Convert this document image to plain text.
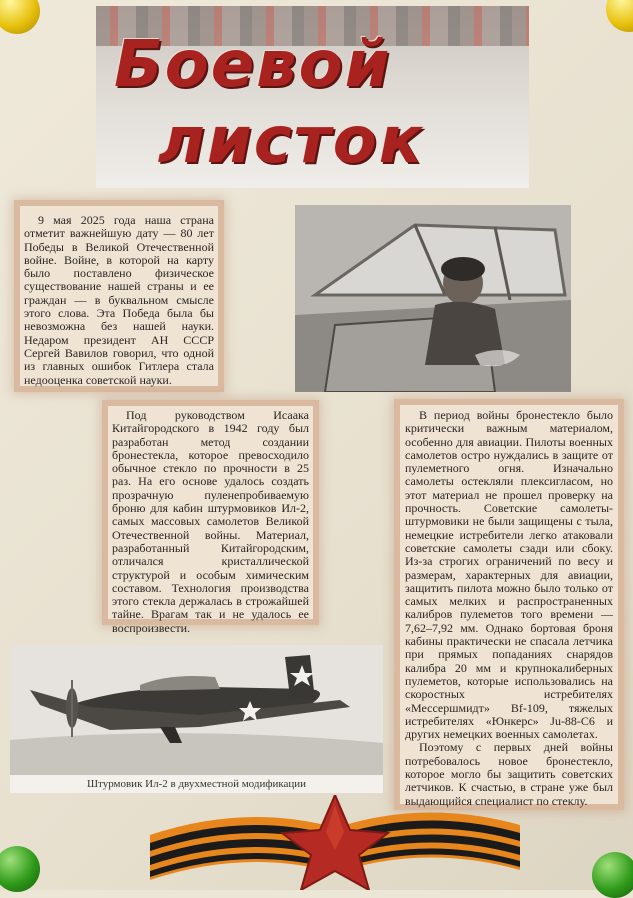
Боевой
листок

9 мая 2025 года наша страна отметит важнейшую дату — 80 лет Победы в Великой Отечественной войне. Войне, в которой на карту было поставлено физическое существование нашей страны и ее граждан — в буквальном смысле этого слова. Эта Победа была бы невозможна без нашей науки. Недаром президент АН СССР Сергей Вавилов говорил, что одной из главных ошибок Гитлера стала недооценка советской науки.

Под руководством Исаака Китайгородского в 1942 году был разработан метод создании бронестекла, которое превосходило обычное стекло по прочности в 25 раз. На его основе удалось создать прозрачную пуленепробиваемую броню для кабин штурмовиков Ил-2, самых массовых самолетов Великой Отечественной войны. Материал, разработанный Китайгородским, отличался кристаллической структурой и особым химическим составом. Технология производства этого стекла держалась в строжайшей тайне. Врагам так и не удалось ее воспроизвести.

В период войны бронестекло было критически важным материалом, особенно для авиации. Пилоты военных самолетов остро нуждались в защите от пулеметного огня. Изначально самолеты остекляли плексигласом, но этот материал не прошел проверку на прочность. Советские самолеты-штурмовики не были защищены с тыла, немецкие истребители легко атаковали советские самолеты сзади или сбоку. Из-за строгих ограничений по весу и размерам, характерных для авиации, защитить пилота можно было только от самых мелких и распространенных калибров пулеметов того времени — 7,62–7,92 мм. Однако бортовая броня кабины практически не спасала летчика при прямых попаданиях снарядов калибра 20 мм и крупнокалиберных пулеметов, которые использовались на скоростных истребителях «Мессершмидт» Bf-109, тяжелых истребителях «Юнкерс» Ju-88-C6 и других немецких военных самолетах.

Поэтому с первых дней войны потребовалось новое бронестекло, которое могло бы защитить советских летчиков. К счастью, в стране уже был выдающийся специалист по стеклу.

Штурмовик Ил-2 в двухместной модификации
